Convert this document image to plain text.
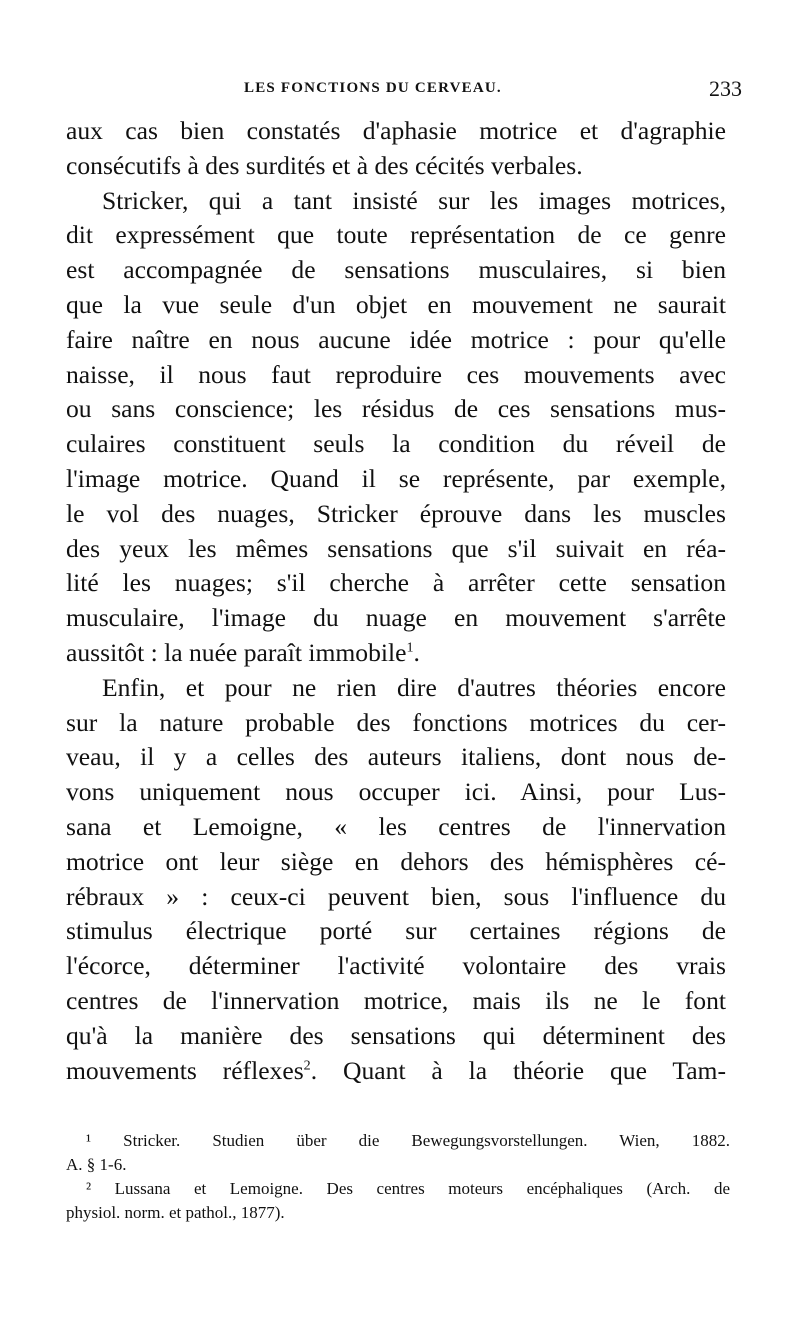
LES FONCTIONS DU CERVEAU.	233
aux cas bien constatés d'aphasie motrice et d'agraphie
consécutifs à des surdités et à des cécités verbales.
Stricker, qui a tant insisté sur les images motrices,
dit expressément que toute représentation de ce genre
est accompagnée de sensations musculaires, si bien
que la vue seule d'un objet en mouvement ne saurait
faire naître en nous aucune idée motrice : pour qu'elle
naisse, il nous faut reproduire ces mouvements avec
ou sans conscience; les résidus de ces sensations mus-
culaires constituent seuls la condition du réveil de
l'image motrice. Quand il se représente, par exemple,
le vol des nuages, Stricker éprouve dans les muscles
des yeux les mêmes sensations que s'il suivait en réa-
lité les nuages; s'il cherche à arrêter cette sensation
musculaire, l'image du nuage en mouvement s'arrête
aussitôt : la nuée paraît immobile$^1$.
Enfin, et pour ne rien dire d'autres théories encore
sur la nature probable des fonctions motrices du cer-
veau, il y a celles des auteurs italiens, dont nous de-
vons uniquement nous occuper ici. Ainsi, pour Lus-
sana et Lemoigne, « les centres de l'innervation
motrice ont leur siège en dehors des hémisphères cé-
rébraux » : ceux-ci peuvent bien, sous l'influence du
stimulus électrique porté sur certaines régions de
l'écorce, déterminer l'activité volontaire des vrais
centres de l'innervation motrice, mais ils ne le font
qu'à la manière des sensations qui déterminent des
mouvements réflexes$^2$. Quant à la théorie que Tam-
¹ Stricker. Studien über die Bewegungsvorstellungen. Wien, 1882.
A. § 1-6.
² Lussana et Lemoigne. Des centres moteurs encéphaliques (Arch. de
physiol. norm. et pathol., 1877).
